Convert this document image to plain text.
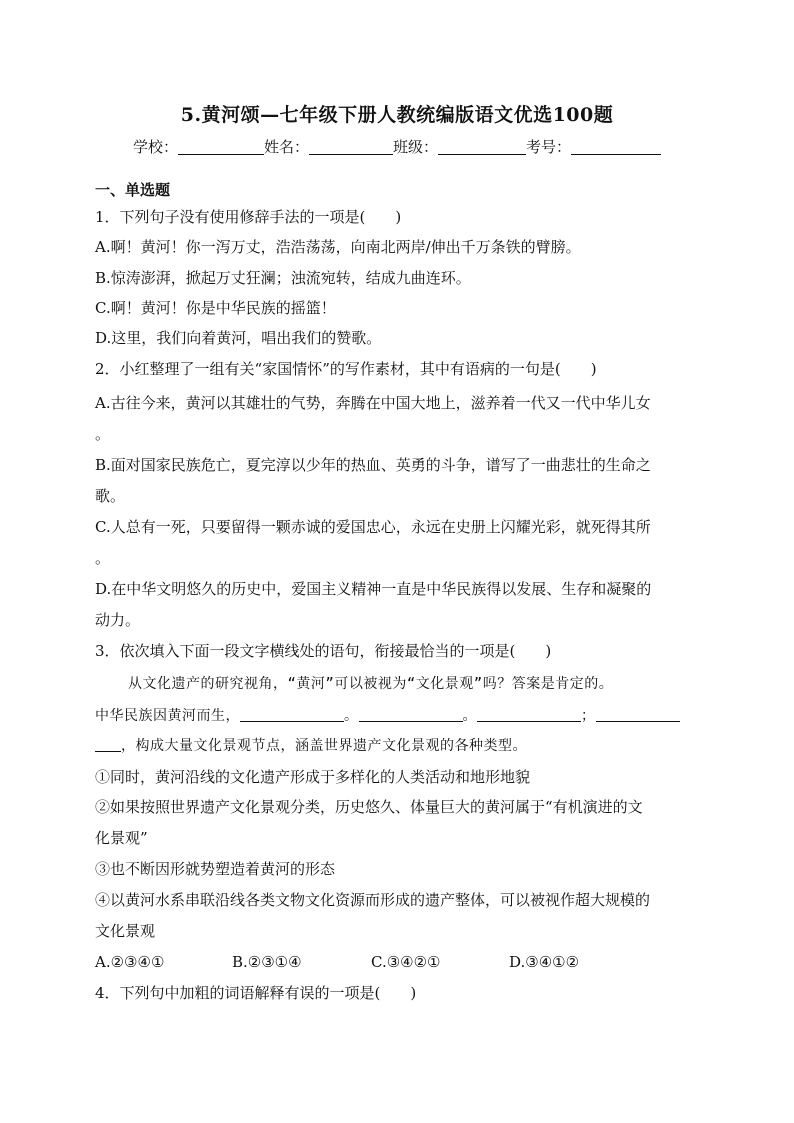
5.黄河颂—七年级下册人教统编版语文优选100题
学校：	姓名：	班级：	考号：
一、单选题
1．下列句子没有使用修辞手法的一项是(　　)
A.啊！黄河！你一泻万丈，浩浩荡荡，向南北两岸/伸出千万条铁的臂膀。
B.惊涛澎湃，掀起万丈狂澜；浊流宛转，结成九曲连环。
C.啊！黄河！你是中华民族的摇篮！
D.这里，我们向着黄河，唱出我们的赞歌。
2．小红整理了一组有关“家国情怀”的写作素材，其中有语病的一句是(　　)
A.古往今来，黄河以其雄壮的气势，奔腾在中国大地上，滋养着一代又一代中华儿女
。
B.面对国家民族危亡，夏完淳以少年的热血、英勇的斗争，谱写了一曲悲壮的生命之
歌。
C.人总有一死，只要留得一颗赤诚的爱国忠心，永远在史册上闪耀光彩，就死得其所
。
D.在中华文明悠久的历史中，爱国主义精神一直是中华民族得以发展、生存和凝聚的
动力。
3．依次填入下面一段文字横线处的语句，衔接最恰当的一项是(　　)
从文化遗产的研究视角，“黄河”可以被视为“文化景观”吗？答案是肯定的。
中华民族因黄河而生，	。	。	；
，构成大量文化景观节点，涵盖世界遗产文化景观的各种类型。
①同时，黄河沿线的文化遗产形成于多样化的人类活动和地形地貌
②如果按照世界遗产文化景观分类，历史悠久、体量巨大的黄河属于“有机演进的文
化景观”
③也不断因形就势塑造着黄河的形态
④以黄河水系串联沿线各类文物文化资源而形成的遗产整体，可以被视作超大规模的
文化景观
A.②③④①	B.②③①④	C.③④②①	D.③④①②
4．下列句中加粗的词语解释有误的一项是(　　)
